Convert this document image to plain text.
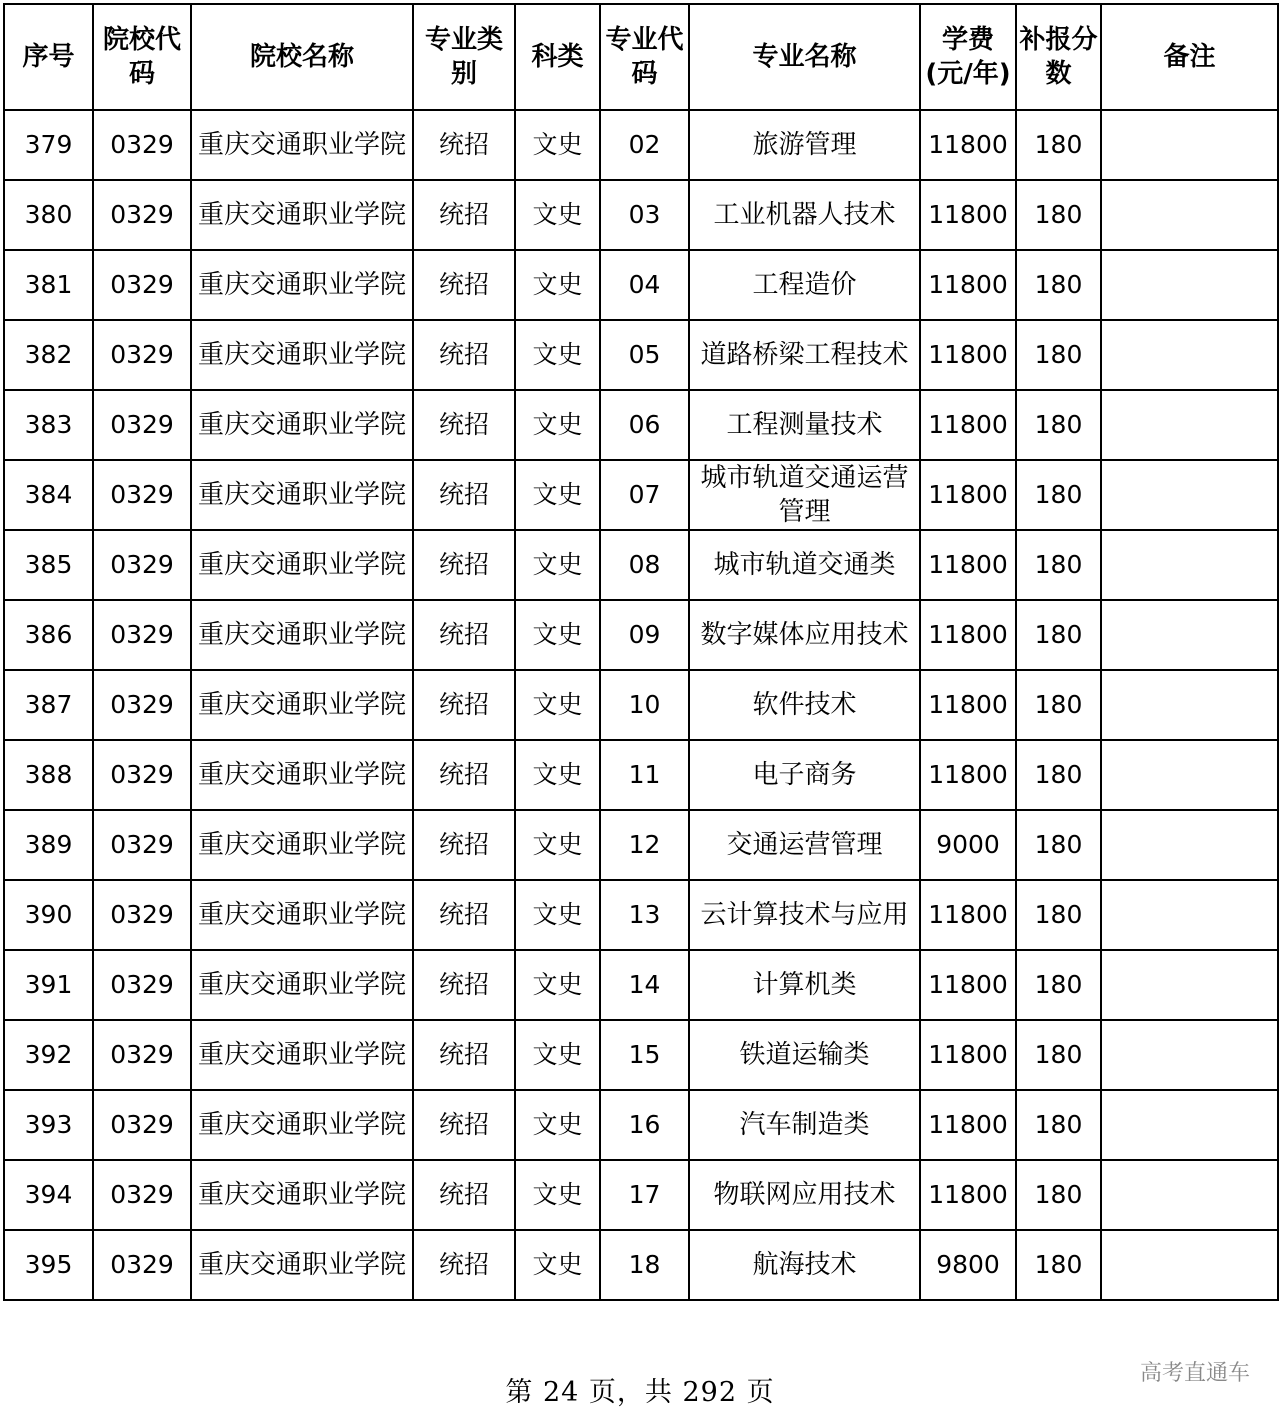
序号	院校代码	院校名称	专业类别	科类	专业代码	专业名称	学费(元/年)	补报分数	备注
379	0329	重庆交通职业学院	统招	文史	02	旅游管理	11800	180	
380	0329	重庆交通职业学院	统招	文史	03	工业机器人技术	11800	180	
381	0329	重庆交通职业学院	统招	文史	04	工程造价	11800	180	
382	0329	重庆交通职业学院	统招	文史	05	道路桥梁工程技术	11800	180	
383	0329	重庆交通职业学院	统招	文史	06	工程测量技术	11800	180	
384	0329	重庆交通职业学院	统招	文史	07	城市轨道交通运营管理	11800	180	
385	0329	重庆交通职业学院	统招	文史	08	城市轨道交通类	11800	180	
386	0329	重庆交通职业学院	统招	文史	09	数字媒体应用技术	11800	180	
387	0329	重庆交通职业学院	统招	文史	10	软件技术	11800	180	
388	0329	重庆交通职业学院	统招	文史	11	电子商务	11800	180	
389	0329	重庆交通职业学院	统招	文史	12	交通运营管理	9000	180	
390	0329	重庆交通职业学院	统招	文史	13	云计算技术与应用	11800	180	
391	0329	重庆交通职业学院	统招	文史	14	计算机类	11800	180	
392	0329	重庆交通职业学院	统招	文史	15	铁道运输类	11800	180	
393	0329	重庆交通职业学院	统招	文史	16	汽车制造类	11800	180	
394	0329	重庆交通职业学院	统招	文史	17	物联网应用技术	11800	180	
395	0329	重庆交通职业学院	统招	文史	18	航海技术	9800	180	
第 24 页，共 292 页
高考直通车
